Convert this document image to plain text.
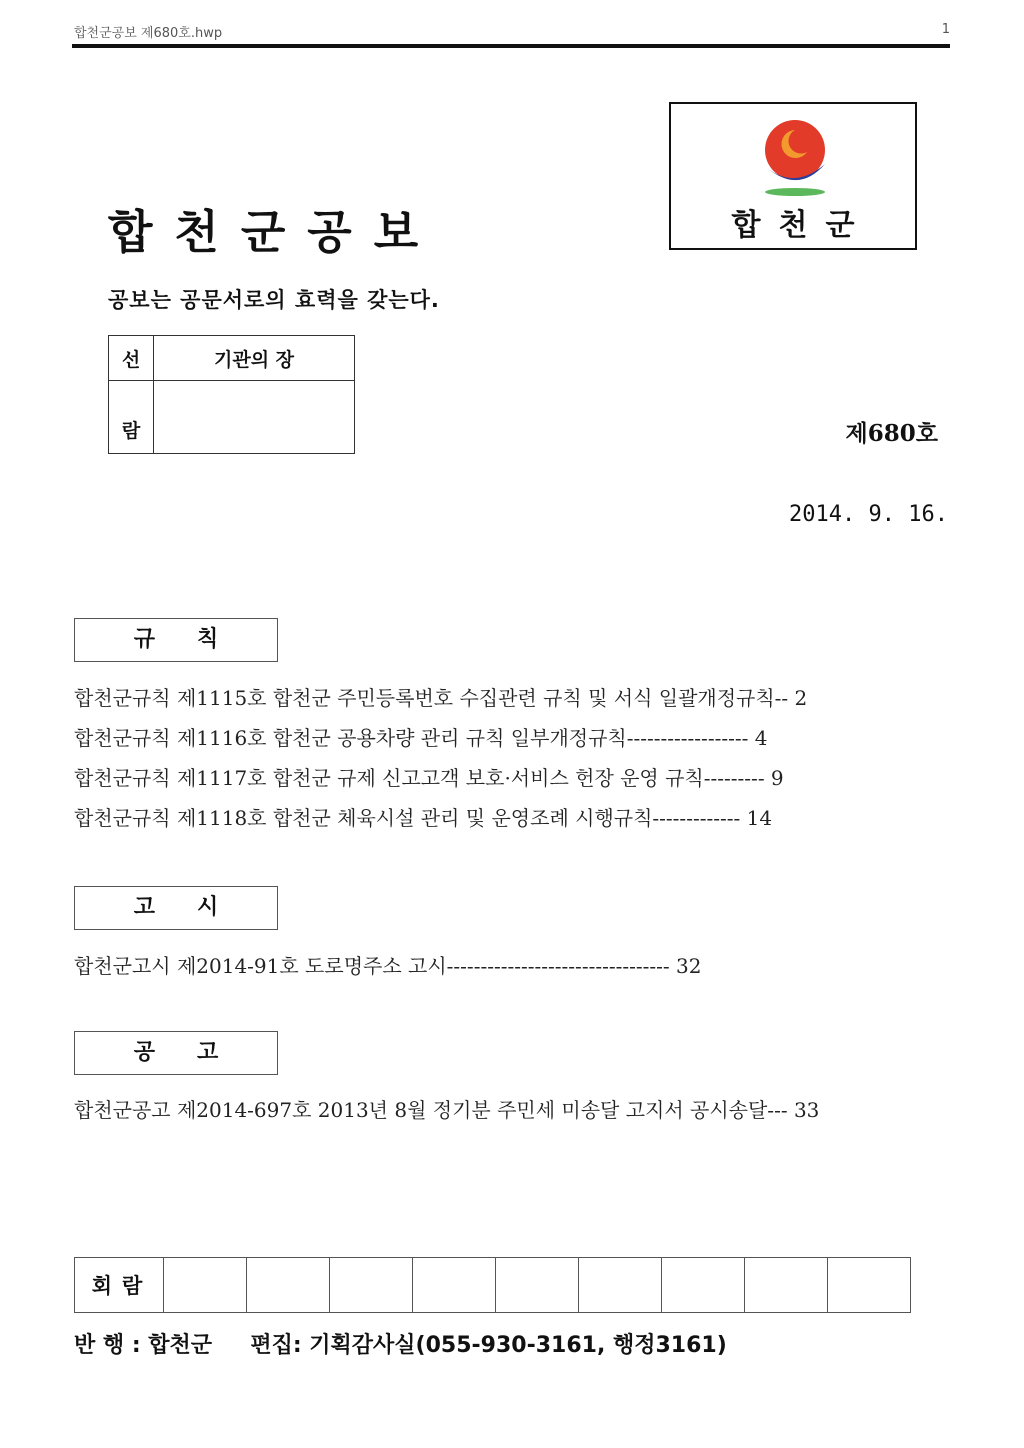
합천군공보 제680호.hwp	1
합천군공보
공보는 공문서로의 효력을 갖는다.
합천군
선	기관의 장

람	
		제680호
2014. 9. 16.
규칙
합천군규칙 제1115호 합천군 주민등록번호 수집관련 규칙 및 서식 일괄개정규칙-- 2
합천군규칙 제1116호 합천군 공용차량 관리 규칙 일부개정규칙------------------ 4
합천군규칙 제1117호 합천군 규제 신고고객 보호·서비스 헌장 운영 규칙--------- 9
합천군규칙 제1118호 합천군 체육시설 관리 및 운영조례 시행규칙------------- 14
고시
합천군고시 제2014-91호 도로명주소 고시--------------------------------- 32
공고
합천군공고 제2014-697호 2013년 8월 정기분 주민세 미송달 고지서 공시송달--- 33
회람									
반 행 : 합천군     편집: 기획감사실(055-930-3161, 행정3161)
